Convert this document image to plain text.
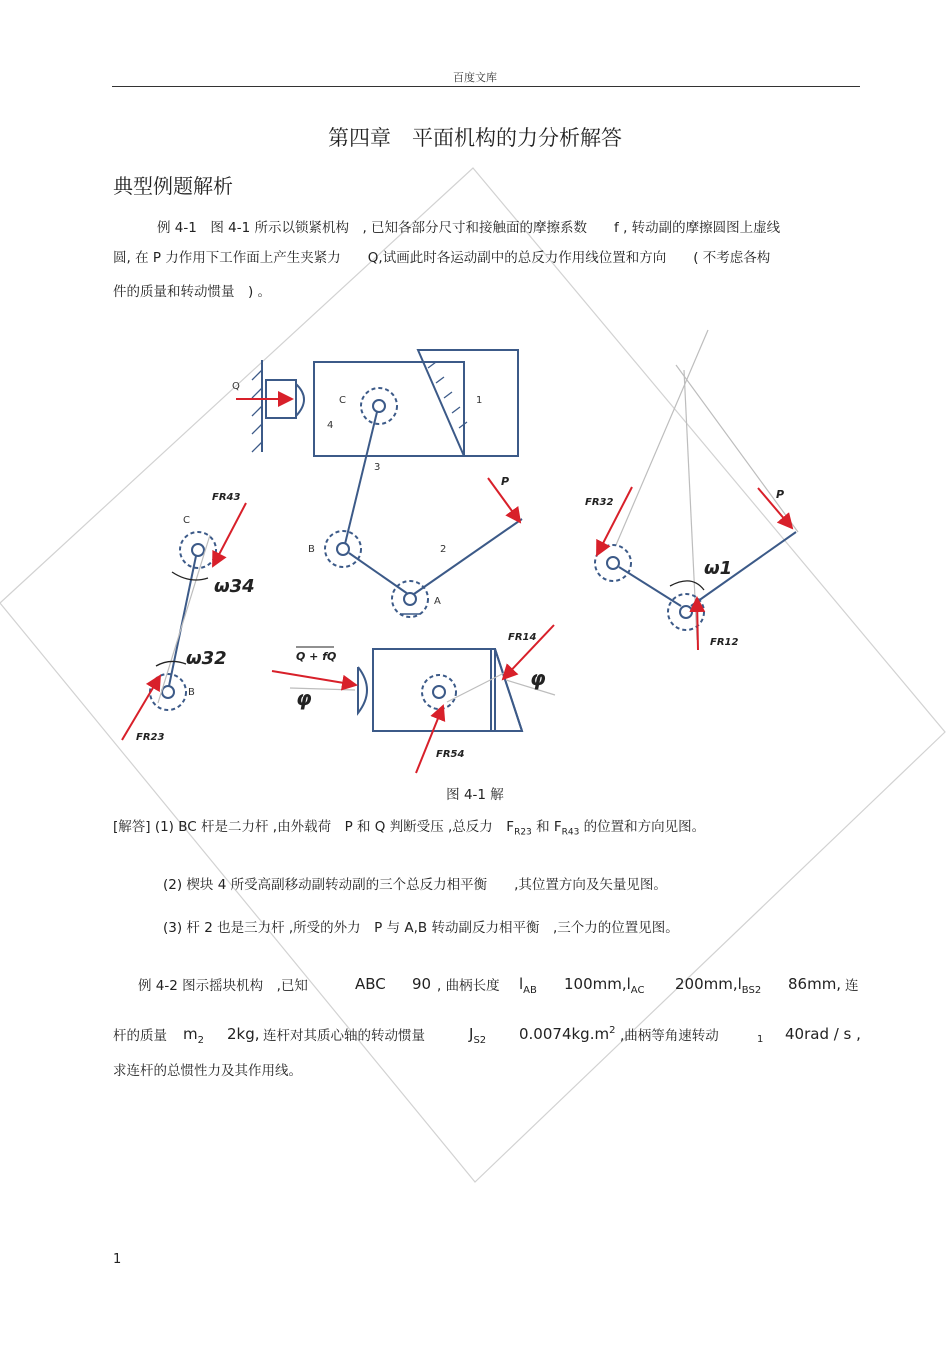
百度文库
第四章　平面机构的力分析解答
典型例题解析
例 4-1　图 4-1 所示以锁紧机构　, 已知各部分尺寸和接触面的摩擦系数　　f , 转动副的摩擦圆图上虚线
圆, 在 P 力作用下工作面上产生夹紧力　　Q,试画此时各运动副中的总反力作用线位置和方向　　( 不考虑各构
件的质量和转动惯量　) 。
Q
C
4
1
3
B	2
A
P
FR43
ω34
ω32
FR23
C
B
Q + fQ
φ
FR14
φ
FR54
FR32
P
ω1
FR12
图 4-1 解
[解答] (1) BC 杆是二力杆 ,由外载荷　P 和 Q 判断受压 ,总反力　$F_{R23}$ 和 $F_{R43}$ 的位置和方向见图。
(2) 楔块 4 所受高副移动副转动副的三个总反力相平衡　　,其位置方向及矢量见图。
(3) 杆 2 也是三力杆 ,所受的外力　P 与 A,B 转动副反力相平衡　,三个力的位置见图。
例 4-2 图示摇块机构　,已知	ABC 90 , 曲柄长度 $l_{AB}$ $100mm,l_{AC}$ $200mm,l_{BS2}$ 86mm, 连
杆的质量 $m_2$ 2kg, 连杆对其质心轴的转动惯量	$J_{S2}$ $0.0074kg.m^2$ ,曲柄等角速转动	1 40rad / s ,
求连杆的总惯性力及其作用线。
1
